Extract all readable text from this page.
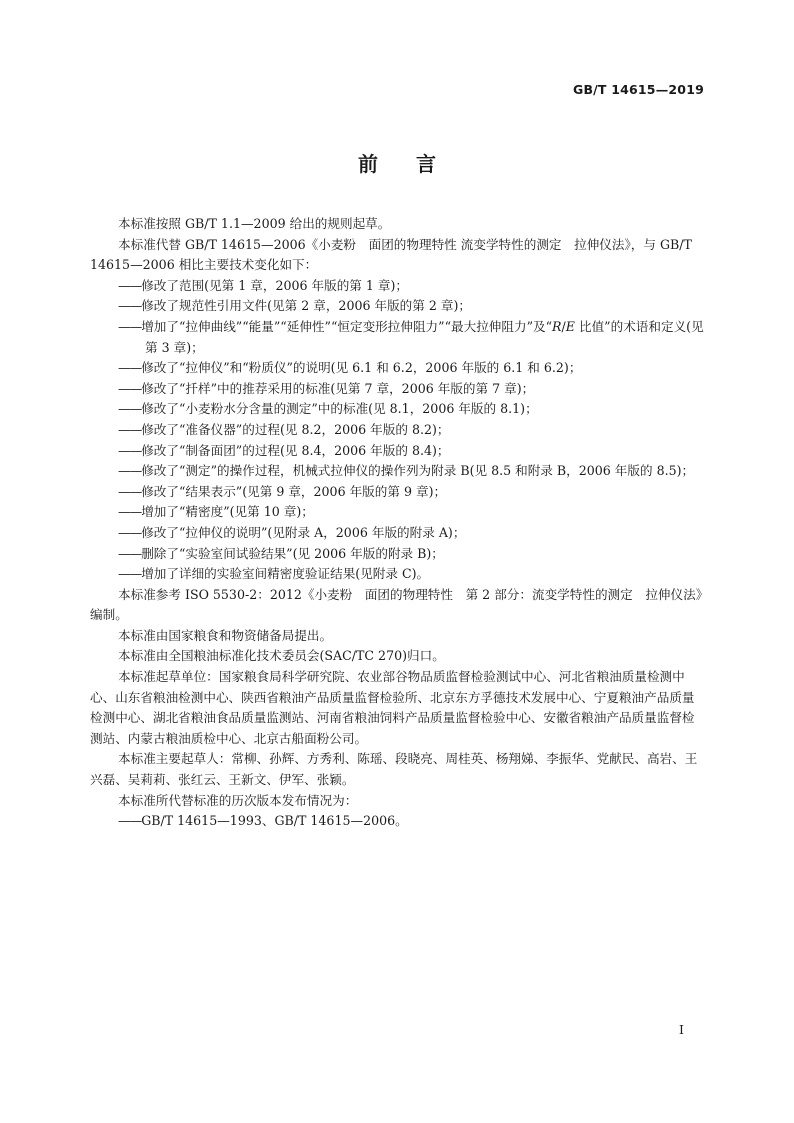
GB/T 14615—2019
前言

本标准按照 GB/T 1.1—2009 给出的规则起草。

本标准代替 GB/T 14615—2006《小麦粉　面团的物理特性 流变学特性的测定　拉伸仪法》，与 GB/T 14615—2006 相比主要技术变化如下：

——修改了范围(见第 1 章，2006 年版的第 1 章)；

——修改了规范性引用文件(见第 2 章，2006 年版的第 2 章)；

——增加了“拉伸曲线”“能量”“延伸性”“恒定变形拉伸阻力”“最大拉伸阻力”及“R/E 比值”的术语和定义(见第 3 章)；

——修改了“拉伸仪”和“粉质仪”的说明(见 6.1 和 6.2，2006 年版的 6.1 和 6.2)；

——修改了“扦样”中的推荐采用的标准(见第 7 章，2006 年版的第 7 章)；

——修改了“小麦粉水分含量的测定”中的标准(见 8.1，2006 年版的 8.1)；

——修改了“准备仪器”的过程(见 8.2，2006 年版的 8.2)；

——修改了“制备面团”的过程(见 8.4，2006 年版的 8.4)；

——修改了“测定”的操作过程，机械式拉伸仪的操作列为附录 B(见 8.5 和附录 B，2006 年版的 8.5)；

——修改了“结果表示”(见第 9 章，2006 年版的第 9 章)；

——增加了“精密度”(见第 10 章)；

——修改了“拉伸仪的说明”(见附录 A，2006 年版的附录 A)；

——删除了“实验室间试验结果”(见 2006 年版的附录 B)；

——增加了详细的实验室间精密度验证结果(见附录 C)。

本标准参考 ISO 5530-2：2012《小麦粉　面团的物理特性　第 2 部分：流变学特性的测定　拉伸仪法》编制。

本标准由国家粮食和物资储备局提出。

本标准由全国粮油标准化技术委员会(SAC/TC 270)归口。

本标准起草单位：国家粮食局科学研究院、农业部谷物品质监督检验测试中心、河北省粮油质量检测中心、山东省粮油检测中心、陕西省粮油产品质量监督检验所、北京东方孚德技术发展中心、宁夏粮油产品质量检测中心、湖北省粮油食品质量监测站、河南省粮油饲料产品质量监督检验中心、安徽省粮油产品质量监督检测站、内蒙古粮油质检中心、北京古船面粉公司。

本标准主要起草人：常柳、孙辉、方秀利、陈瑶、段晓亮、周桂英、杨翔娣、李振华、党献民、高岩、王兴磊、吴莉莉、张红云、王新文、伊军、张颖。

本标准所代替标准的历次版本发布情况为：

——GB/T 14615—1993、GB/T 14615—2006。

I
